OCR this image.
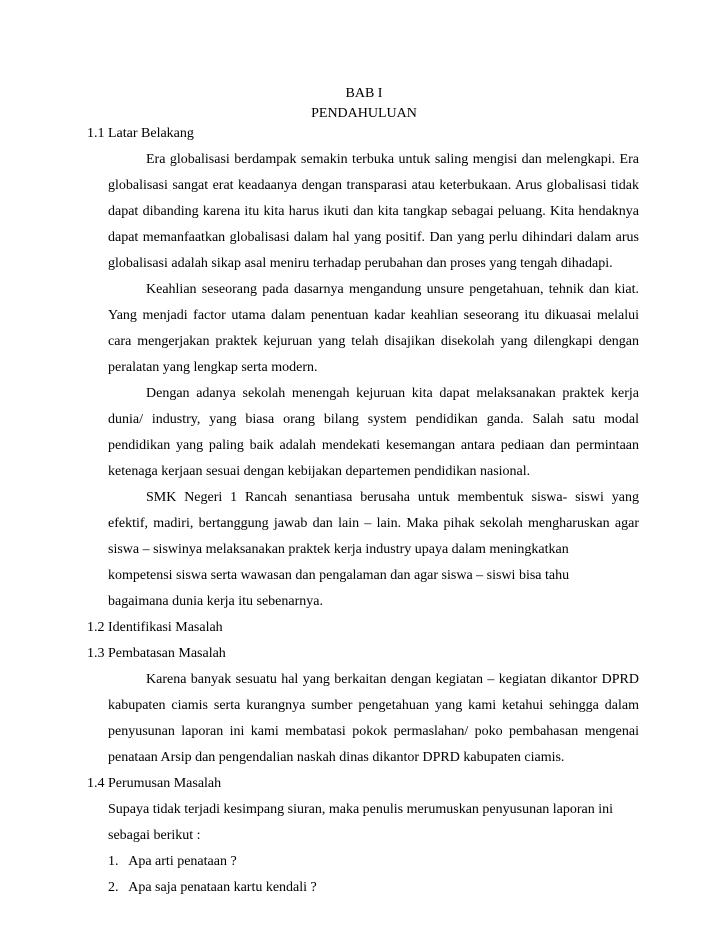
BAB I
PENDAHULUAN
1.1 Latar Belakang
Era globalisasi berdampak semakin terbuka untuk saling mengisi dan melengkapi. Era
globalisasi sangat erat keadaanya dengan transparasi atau keterbukaan. Arus globalisasi tidak
dapat dibanding karena itu kita harus ikuti dan kita tangkap sebagai peluang. Kita hendaknya
dapat memanfaatkan globalisasi dalam hal yang positif. Dan yang perlu dihindari dalam arus
globalisasi adalah sikap asal meniru terhadap perubahan dan proses yang tengah dihadapi.
Keahlian seseorang pada dasarnya mengandung unsure pengetahuan, tehnik dan kiat.
Yang menjadi factor utama dalam penentuan kadar keahlian seseorang itu dikuasai melalui
cara mengerjakan praktek kejuruan yang telah disajikan disekolah yang dilengkapi dengan
peralatan yang lengkap serta modern.
Dengan adanya sekolah menengah kejuruan kita dapat melaksanakan praktek kerja
dunia/ industry, yang biasa orang bilang system pendidikan ganda. Salah satu modal
pendidikan yang paling baik adalah mendekati kesemangan antara pediaan dan permintaan
ketenaga kerjaan sesuai dengan kebijakan departemen pendidikan nasional.
SMK Negeri 1 Rancah senantiasa berusaha untuk membentuk siswa- siswi yang
efektif, madiri, bertanggung jawab dan lain – lain. Maka pihak sekolah mengharuskan agar
siswa – siswinya melaksanakan praktek kerja industry upaya dalam meningkatkan
kompetensi siswa serta wawasan dan pengalaman dan agar siswa – siswi bisa tahu
bagaimana dunia kerja itu sebenarnya.
1.2 Identifikasi Masalah
1.3 Pembatasan Masalah
Karena banyak sesuatu hal yang berkaitan dengan kegiatan – kegiatan dikantor DPRD
kabupaten ciamis serta kurangnya sumber pengetahuan yang kami ketahui sehingga dalam
penyusunan laporan ini kami membatasi pokok permaslahan/ poko pembahasan mengenai
penataan Arsip dan pengendalian naskah dinas dikantor DPRD kabupaten ciamis.
1.4 Perumusan Masalah
Supaya tidak terjadi kesimpang siuran, maka penulis merumuskan penyusunan laporan ini
sebagai berikut :
1.   Apa arti penataan ?
2.   Apa saja penataan kartu kendali ?
